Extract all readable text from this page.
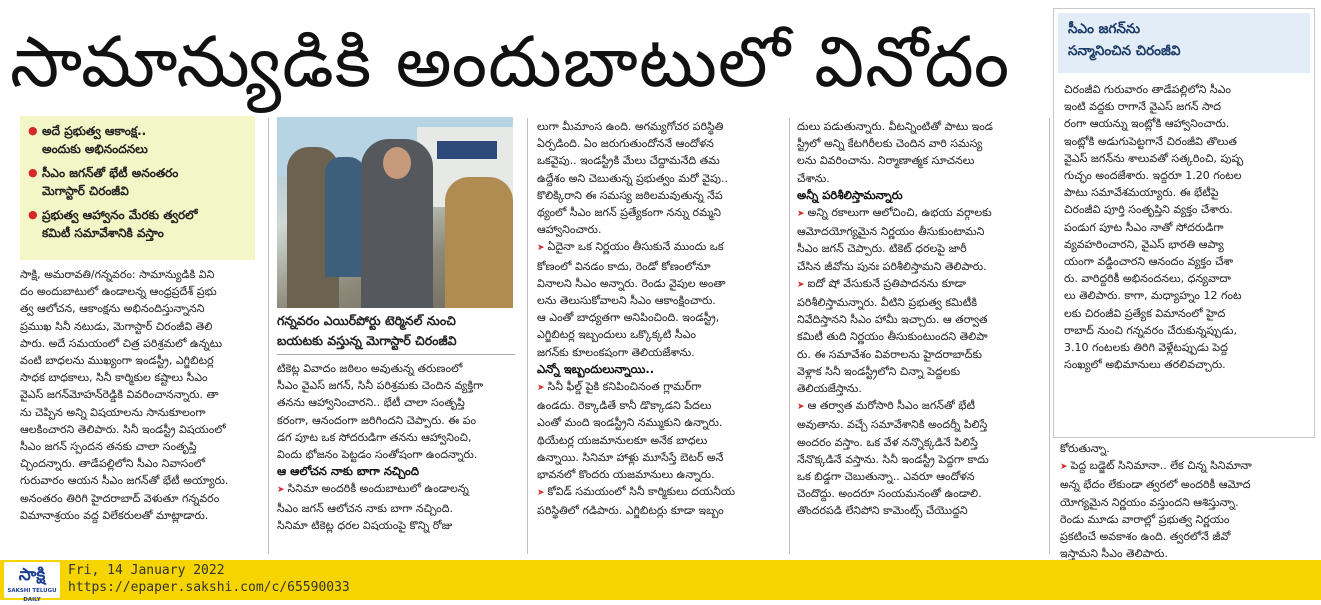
సామాన్యుడికి అందుబాటులో వినోదం
● అదే ప్రభుత్వ ఆకాంక్ష..
అందుకు అభినందనలు
● సీఎం జగన్‌తో భేటీ అనంతరం
మెగాస్టార్ చిరంజీవి
● ప్రభుత్వ ఆహ్వానం మేరకు త్వరలో
కమిటీ సమావేశానికి వస్తాం
గన్నవరం ఎయిర్‌పోర్టు టెర్మినల్ నుంచి
బయటకు వస్తున్న మెగాస్టార్ చిరంజీవి

సాక్షి, అమరావతి/గన్నవరం: సామాన్యుడికి విని

దం అందుబాటులో ఉండాలన్న ఆంధ్రప్రదేశ్ ప్రభు

త్వ ఆలోచన, ఆకాంక్షను అభినందిస్తున్నానని

ప్రముఖ సినీ నటుడు, మెగాస్టార్ చిరంజీవి తెలి

పారు. అదే సమయంలో చిత్ర పరిశ్రమలో ఉన్నటు

వంటి బాధలను ముఖ్యంగా ఇండస్ట్రీ, ఎగ్జిబిటర్ల

సాధక బాధకాలు, సినీ కార్మికుల కష్టాలు సీఎం

వైఎస్ జగన్‌మోహన్‌రెడ్డికి వివరించానన్నారు. తా

ను చెప్పిన అన్ని విషయాలను సానుకూలంగా

ఆలకించారని తెలిపారు. సినీ ఇండస్ట్రీ విషయంలో

సీఎం జగన్ స్పందన తనకు చాలా సంతృప్తి

చ్చిందన్నారు. తాడేపల్లిలోని సీఎం నివాసంలో

గురువారం ఆయన సీఎం జగన్‌తో భేటీ అయ్యారు.

అనంతరం తిరిగి హైదరాబాద్ వెళుతూ గన్నవరం

విమానాశ్రయం వద్ద విలేకరులతో మాట్లాడారు.

టికెట్ల వివాదం జఠిలం అవుతున్న తరుణంలో

సీఎం వైఎస్ జగన్, సినీ పరిశ్రమకు చెందిన వ్యక్తిగా

తనను ఆహ్వానించారని.. భేటీ చాలా సంతృప్తి

కరంగా, ఆనందంగా జరిగిందని చెప్పారు. ఈ పం

డగ పూట ఒక సోదరుడిగా తనను ఆహ్వానించి,

విందు భోజనం పెట్టడం సంతోషంగా ఉందన్నారు.

ఆ ఆలోచన నాకు బాగా నచ్చింది

➤ సినిమా అందరికీ అందుబాటులో ఉండాలన్న

సీఎం జగన్ ఆలోచన నాకు బాగా నచ్చింది.

సినిమా టికెట్ల ధరల విషయంపై కొన్ని రోజు

లుగా మీమాంస ఉంది. అగమ్యగోచర పరిస్థితి

ఏర్పడింది. ఏం జరుగుతుందోననే ఆందోళన

ఒకవైపు.. ఇండస్ట్రీకి మేలు చేద్దామనేది తమ

ఉద్దేశం అని చెబుతున్న ప్రభుత్వం మరో వైపు..

కొలిక్కిరాని ఈ సమస్య జఠిలమవుతున్న నేప

థ్యంలో సీఎం జగన్ ప్రత్యేకంగా నన్ను రమ్మని

ఆహ్వానించారు.

➤ ఏదైనా ఒక నిర్ణయం తీసుకునే ముందు ఒక

కోణంలో వినడం కాదు, రెండో కోణంలోనూ

వినాలని సీఎం అన్నారు. రెండు వైపుల అంతా

లను తెలుసుకోవాలని సీఎం ఆకాంక్షించారు.

ఆ ఎంతో బాధ్యతగా అనిపించింది. ఇండస్ట్రీ,

ఎగ్జిబిటర్ల ఇబ్బందులు ఒక్కొక్కటి సీఎం

జగన్‌కు కూలంకషంగా తెలియజేశాను.

ఎన్నో ఇబ్బందులున్నాయి..

➤ సినీ ఫీల్డ్ పైకి కనిపించినంత గ్లామర్‌గా

ఉండదు. రెక్కాడితే కానీ డొక్కాడని పేదలు

ఎంతో మంది ఇండస్ట్రీని నమ్ముకుని ఉన్నారు.

థియేటర్ల యజమానులకూ అనేక బాధలు

ఉన్నాయి. సినిమా హాళ్లు మూసేస్తే బెటర్ అనే

భావనలో కొందరు యజమానులు ఉన్నారు.

➤ కోవిడ్ సమయంలో సినీ కార్మికులు దయనీయ

పరిస్థితిలో గడిపారు. ఎగ్జిబిటర్లు కూడా ఇబ్బం

దులు పడుతున్నారు. వీటన్నింటితో పాటు ఇండ

స్ట్రీలో అన్ని కేటగిరీలకు చెందిన వారి సమస్య

లను వివరించాను. నిర్మాణాత్మక సూచనలు

చేశాను.

అన్నీ పరిశీలిస్తామన్నారు

➤ అన్ని రకాలుగా ఆలోచించి, ఉభయ వర్గాలకు

ఆమోదయోగ్యమైన నిర్ణయం తీసుకుంటామని

సీఎం జగన్ చెప్పారు. టికెట్ ధరలపై జారీ

చేసిన జీవోను పునః పరిశీలిస్తామని తెలిపారు.

➤ ఐదో షో వేసుకునే ప్రతిపాదనను కూడా

పరిశీలిస్తామన్నారు. వీటిని ప్రభుత్వ కమిటీకి

నివేదిస్తానని సీఎం హామీ ఇచ్చారు. ఆ తర్వాత

కమిటీ తుది నిర్ణయం తీసుకుంటుందని తెలిపా

రు. ఈ సమావేశం వివరాలను హైదరాబాద్‌కు

వెళ్లాక సినీ ఇండస్ట్రీలోని చిన్నా పెద్దలకు

తెలియజేస్తాను.

➤ ఆ తర్వాత మరోసారి సీఎం జగన్‌తో భేటీ

అవుతాను. వచ్చే సమావేశానికి అందర్నీ పిలిస్తే

అందరం వస్తాం. ఒక వేళ నన్నొక్కడినే పిలిస్తే

నేనొక్కడినే వస్తాను. సినీ ఇండస్ట్రీ పెద్దగా కాదు

ఒక బిడ్డగా చెబుతున్నా.. ఎవరూ ఆందోళన

చెందొద్దు. అందరూ సంయమనంతో ఉండాలి.

తొందరపడి లేనిపోని కామెంట్స్ చేయొద్దని

సీఎం జగన్‌ను
సన్మానించిన చిరంజీవి

చిరంజీవి గురువారం తాడేపల్లిలోని సీఎం

ఇంటి వద్దకు రాగానే వైఎస్ జగన్ సాద

రంగా ఆయన్ను ఇంట్లోకి ఆహ్వానించారు.

ఇంట్లోకి అడుగుపెట్టగానే చిరంజీవి తొలుత

వైఎస్ జగన్‌ను శాలువతో సత్కరించి, పుష్ప

గుచ్ఛం అందజేశారు. ఇద్దరూ 1.20 గంటల

పాటు సమావేశమయ్యారు. ఈ భేటీపై

చిరంజీవి పూర్తి సంతృప్తిని వ్యక్తం చేశారు.

పండుగ పూట సీఎం నాతో సోదరుడిగా

వ్యవహరించారని, వైఎస్ భారతి ఆప్యా

యంగా వడ్డించారని ఆనందం వ్యక్తం చేశా

రు. వారిద్దరికీ అభినందనలు, ధన్యవాదా

లు తెలిపారు. కాగా, మధ్యాహ్నం 12 గంట

లకు చిరంజీవి ప్రత్యేక విమానంలో హైద

రాబాద్ నుంచి గన్నవరం చేరుకున్నప్పుడు,

3.10 గంటలకు తిరిగి వెళ్లేటప్పుడు పెద్ద

సంఖ్యలో అభిమానులు తరలివచ్చారు.

కోరుతున్నా.

➤ పెద్ద బడ్జెట్ సినిమానా.. లేక చిన్న సినిమానా

అన్న భేదం లేకుండా త్వరలో అందరికీ ఆమోద

యోగ్యమైన నిర్ణయం వస్తుందని ఆశిస్తున్నా.

రెండు మూడు వారాల్లో ప్రభుత్వ నిర్ణయం

ప్రకటించే అవకాశం ఉంది. త్వరలోనే జీవో

ఇస్తామని సీఎం తెలిపారు.

సాక్షి
SAKSHI TELUGU DAILY
Fri, 14 January 2022
https://epaper.sakshi.com/c/65590033
